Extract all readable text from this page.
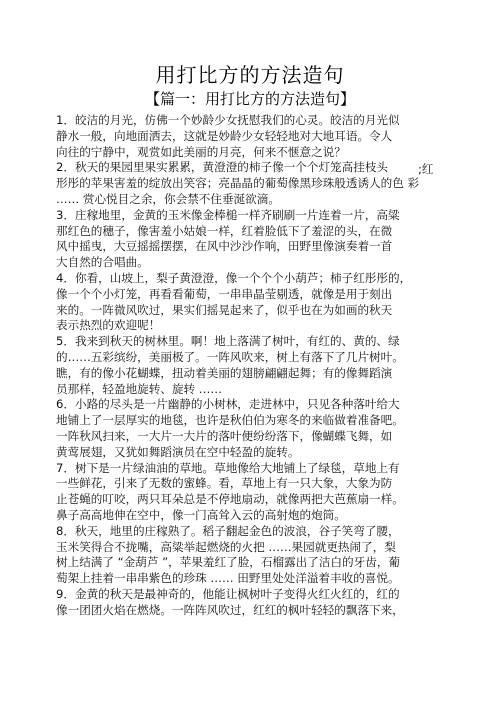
用打比方的方法造句
【篇一：用打比方的方法造句】
;红
1．皎洁的月光，仿佛一个妙龄少女抚慰我们的心灵。皎洁的月光似
静水一般，向地面洒去，这就是妙龄少女轻轻地对大地耳语。令人
向往的宁静中，观赏如此美丽的月亮，何来不惬意之说？
2．秋天的果园里果实累累，黄澄澄的柿子像一个个灯笼高挂枝头
形彤的苹果害羞的绽放出笑容；亮晶晶的葡萄像黑珍珠般透诱人的色 彩
…… 赏心悦目之余，你会禁不住垂涎欲滴。
3．庄稼地里，金黄的玉米像金棒槌一样齐刷刷一片连着一片，高粱
那红色的穗子，像害羞小姑娘一样，红着脸低下了羞涩的头，在微
风中摇曳，大豆摇摇摆摆，在风中沙沙作响，田野里像演奏着一首
大自然的合唱曲。
4．你看，山坡上，梨子黄澄澄，像一个个个小葫芦；柿子红彤彤的，
像一个个小灯笼，再看看葡萄，一串串晶莹剔透，就像是用于刻出
来的。一阵微风吹过，果实们摇晃起来了，似乎也在为如画的秋天
表示热烈的欢迎呢！
5．我来到秋天的树林里。啊！地上落满了树叶，有红的、黄的、绿
的……五彩缤纷，美丽极了。一阵风吹来，树上有落下了几片树叶。
瞧，有的像小花蝴蝶，扭动着美丽的翅膀翩翩起舞；有的像舞蹈演
员那样，轻盈地旋转、旋转 ……
6．小路的尽头是一片幽静的小树林，走进林中，只见各种落叶给大
地铺上了一层厚实的地毯，也许是秋伯伯为寒冬的来临做着准备吧。
一阵秋风扫来，一大片一大片的落叶便纷纷落下，像蝴蝶飞舞，如
黄莺展翅，又犹如舞蹈演员在空中轻盈的旋转。
7．树下是一片绿油油的草地。草地像给大地铺上了绿毯，草地上有
一些鲜花，引来了无数的蜜蜂。看，草地上有一只大象，大象为防
止苍蝇的叮咬，两只耳朵总是不停地扇动，就像两把大芭蕉扇一样。
鼻子高高地伸在空中，像一门高耸入云的高射炮的炮筒。
8．秋天，地里的庄稼熟了。稻子翻起金色的波浪，谷子笑弯了腰，
玉米笑得合不拢嘴，高粱举起燃烧的火把 ……果园就更热闹了，梨
树上结满了 “金葫芦 ”，苹果羞红了脸，石榴露出了洁白的牙齿，葡
萄架上挂着一串串紫色的珍珠 …… 田野里处处洋溢着丰收的喜悦。
9．金黄的秋天是最神奇的，他能让枫树叶子变得火红火红的，红的
像一团团火焰在燃烧。一阵阵风吹过，红红的枫叶轻轻的飘落下来，
